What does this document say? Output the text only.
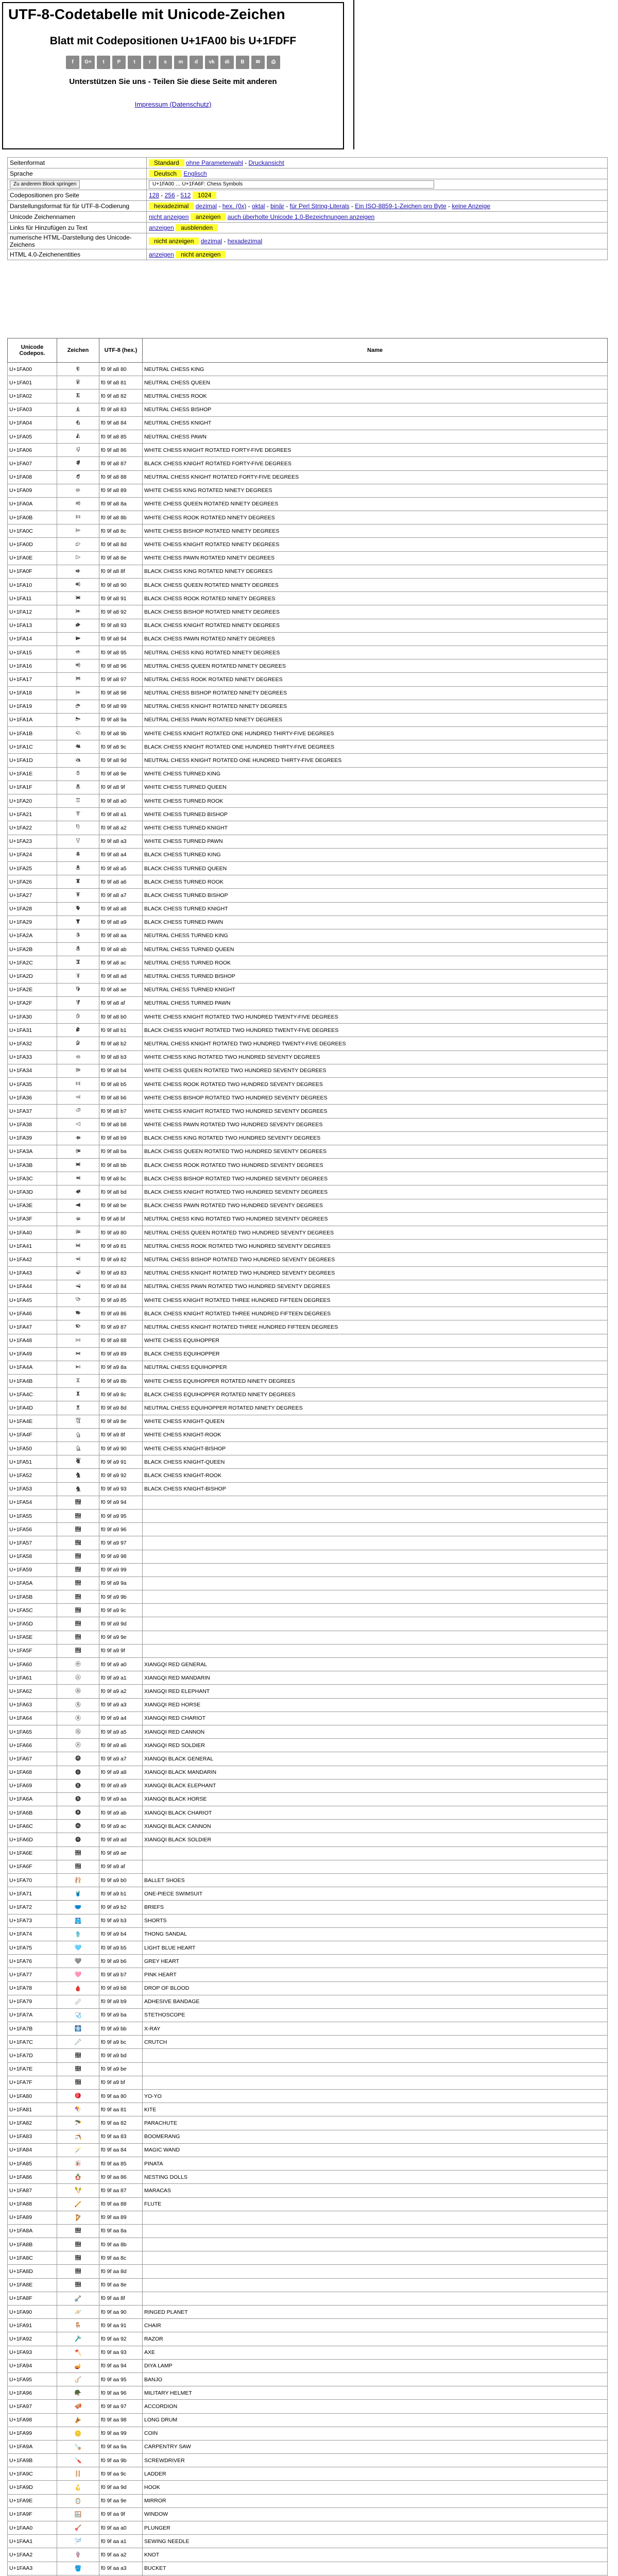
UTF-8-Codetabelle mit Unicode-Zeichen
Blatt mit Codepositionen U+1FA00 bis U+1FDFF
f	G+	t	P	t	r	s	m	d	vk	di	B	✉	⎙
Unterstützen Sie uns - Teilen Sie diese Seite mit anderen
Impressum (Datenschutz)
Seitenformat	Standard ohne Parameterwahl - Druckansicht
Sprache	Deutsch Englisch
Zu anderem Block springen	U+1FA00 … U+1FA6F: Chess Symbols
Codepositionen pro Seite	128 - 256 - 512 1024
Darstellungsformat für für UTF-8-Codierung	hexadezimal dezimal - hex. (0x) - oktal - binär - für Perl String-Literals - Ein ISO-8859-1-Zeichen pro Byte - keine Anzeige
Unicode Zeichennamen	nicht anzeigen anzeigen auch überholte Unicode 1.0-Bezeichnungen anzeigen
Links für Hinzufügen zu Text	anzeigen ausblenden
numerische HTML-Darstellung des Unicode-Zeichens	nicht anzeigen dezimal - hexadezimal
HTML 4.0-Zeichenentities	anzeigen nicht anzeigen
Unicode Codepos.	Zeichen	UTF-8 (hex.)	Name
U+1FA00	🨀	f0 9f a8 80	NEUTRAL CHESS KING
U+1FA01	🨁	f0 9f a8 81	NEUTRAL CHESS QUEEN
U+1FA02	🨂	f0 9f a8 82	NEUTRAL CHESS ROOK
U+1FA03	🨃	f0 9f a8 83	NEUTRAL CHESS BISHOP
U+1FA04	🨄	f0 9f a8 84	NEUTRAL CHESS KNIGHT
U+1FA05	🨅	f0 9f a8 85	NEUTRAL CHESS PAWN
U+1FA06	🨆	f0 9f a8 86	WHITE CHESS KNIGHT ROTATED FORTY-FIVE DEGREES
U+1FA07	🨇	f0 9f a8 87	BLACK CHESS KNIGHT ROTATED FORTY-FIVE DEGREES
U+1FA08	🨈	f0 9f a8 88	NEUTRAL CHESS KNIGHT ROTATED FORTY-FIVE DEGREES
U+1FA09	🨉	f0 9f a8 89	WHITE CHESS KING ROTATED NINETY DEGREES
U+1FA0A	🨊	f0 9f a8 8a	WHITE CHESS QUEEN ROTATED NINETY DEGREES
U+1FA0B	🨋	f0 9f a8 8b	WHITE CHESS ROOK ROTATED NINETY DEGREES
U+1FA0C	🨌	f0 9f a8 8c	WHITE CHESS BISHOP ROTATED NINETY DEGREES
U+1FA0D	🨍	f0 9f a8 8d	WHITE CHESS KNIGHT ROTATED NINETY DEGREES
U+1FA0E	🨎	f0 9f a8 8e	WHITE CHESS PAWN ROTATED NINETY DEGREES
U+1FA0F	🨏	f0 9f a8 8f	BLACK CHESS KING ROTATED NINETY DEGREES
U+1FA10	🨐	f0 9f a8 90	BLACK CHESS QUEEN ROTATED NINETY DEGREES
U+1FA11	🨑	f0 9f a8 91	BLACK CHESS ROOK ROTATED NINETY DEGREES
U+1FA12	🨒	f0 9f a8 92	BLACK CHESS BISHOP ROTATED NINETY DEGREES
U+1FA13	🨓	f0 9f a8 93	BLACK CHESS KNIGHT ROTATED NINETY DEGREES
U+1FA14	🨔	f0 9f a8 94	BLACK CHESS PAWN ROTATED NINETY DEGREES
U+1FA15	🨕	f0 9f a8 95	NEUTRAL CHESS KING ROTATED NINETY DEGREES
U+1FA16	🨖	f0 9f a8 96	NEUTRAL CHESS QUEEN ROTATED NINETY DEGREES
U+1FA17	🨗	f0 9f a8 97	NEUTRAL CHESS ROOK ROTATED NINETY DEGREES
U+1FA18	🨘	f0 9f a8 98	NEUTRAL CHESS BISHOP ROTATED NINETY DEGREES
U+1FA19	🨙	f0 9f a8 99	NEUTRAL CHESS KNIGHT ROTATED NINETY DEGREES
U+1FA1A	🨚	f0 9f a8 9a	NEUTRAL CHESS PAWN ROTATED NINETY DEGREES
U+1FA1B	🨛	f0 9f a8 9b	WHITE CHESS KNIGHT ROTATED ONE HUNDRED THIRTY-FIVE DEGREES
U+1FA1C	🨜	f0 9f a8 9c	BLACK CHESS KNIGHT ROTATED ONE HUNDRED THIRTY-FIVE DEGREES
U+1FA1D	🨝	f0 9f a8 9d	NEUTRAL CHESS KNIGHT ROTATED ONE HUNDRED THIRTY-FIVE DEGREES
U+1FA1E	🨞	f0 9f a8 9e	WHITE CHESS TURNED KING
U+1FA1F	🨟	f0 9f a8 9f	WHITE CHESS TURNED QUEEN
U+1FA20	🨠	f0 9f a8 a0	WHITE CHESS TURNED ROOK
U+1FA21	🨡	f0 9f a8 a1	WHITE CHESS TURNED BISHOP
U+1FA22	🨢	f0 9f a8 a2	WHITE CHESS TURNED KNIGHT
U+1FA23	🨣	f0 9f a8 a3	WHITE CHESS TURNED PAWN
U+1FA24	🨤	f0 9f a8 a4	BLACK CHESS TURNED KING
U+1FA25	🨥	f0 9f a8 a5	BLACK CHESS TURNED QUEEN
U+1FA26	🨦	f0 9f a8 a6	BLACK CHESS TURNED ROOK
U+1FA27	🨧	f0 9f a8 a7	BLACK CHESS TURNED BISHOP
U+1FA28	🨨	f0 9f a8 a8	BLACK CHESS TURNED KNIGHT
U+1FA29	🨩	f0 9f a8 a9	BLACK CHESS TURNED PAWN
U+1FA2A	🨪	f0 9f a8 aa	NEUTRAL CHESS TURNED KING
U+1FA2B	🨫	f0 9f a8 ab	NEUTRAL CHESS TURNED QUEEN
U+1FA2C	🨬	f0 9f a8 ac	NEUTRAL CHESS TURNED ROOK
U+1FA2D	🨭	f0 9f a8 ad	NEUTRAL CHESS TURNED BISHOP
U+1FA2E	🨮	f0 9f a8 ae	NEUTRAL CHESS TURNED KNIGHT
U+1FA2F	🨯	f0 9f a8 af	NEUTRAL CHESS TURNED PAWN
U+1FA30	🨰	f0 9f a8 b0	WHITE CHESS KNIGHT ROTATED TWO HUNDRED TWENTY-FIVE DEGREES
U+1FA31	🨱	f0 9f a8 b1	BLACK CHESS KNIGHT ROTATED TWO HUNDRED TWENTY-FIVE DEGREES
U+1FA32	🨲	f0 9f a8 b2	NEUTRAL CHESS KNIGHT ROTATED TWO HUNDRED TWENTY-FIVE DEGREES
U+1FA33	🨳	f0 9f a8 b3	WHITE CHESS KING ROTATED TWO HUNDRED SEVENTY DEGREES
U+1FA34	🨴	f0 9f a8 b4	WHITE CHESS QUEEN ROTATED TWO HUNDRED SEVENTY DEGREES
U+1FA35	🨵	f0 9f a8 b5	WHITE CHESS ROOK ROTATED TWO HUNDRED SEVENTY DEGREES
U+1FA36	🨶	f0 9f a8 b6	WHITE CHESS BISHOP ROTATED TWO HUNDRED SEVENTY DEGREES
U+1FA37	🨷	f0 9f a8 b7	WHITE CHESS KNIGHT ROTATED TWO HUNDRED SEVENTY DEGREES
U+1FA38	🨸	f0 9f a8 b8	WHITE CHESS PAWN ROTATED TWO HUNDRED SEVENTY DEGREES
U+1FA39	🨹	f0 9f a8 b9	BLACK CHESS KING ROTATED TWO HUNDRED SEVENTY DEGREES
U+1FA3A	🨺	f0 9f a8 ba	BLACK CHESS QUEEN ROTATED TWO HUNDRED SEVENTY DEGREES
U+1FA3B	🨻	f0 9f a8 bb	BLACK CHESS ROOK ROTATED TWO HUNDRED SEVENTY DEGREES
U+1FA3C	🨼	f0 9f a8 bc	BLACK CHESS BISHOP ROTATED TWO HUNDRED SEVENTY DEGREES
U+1FA3D	🨽	f0 9f a8 bd	BLACK CHESS KNIGHT ROTATED TWO HUNDRED SEVENTY DEGREES
U+1FA3E	🨾	f0 9f a8 be	BLACK CHESS PAWN ROTATED TWO HUNDRED SEVENTY DEGREES
U+1FA3F	🨿	f0 9f a8 bf	NEUTRAL CHESS KING ROTATED TWO HUNDRED SEVENTY DEGREES
U+1FA40	🩀	f0 9f a9 80	NEUTRAL CHESS QUEEN ROTATED TWO HUNDRED SEVENTY DEGREES
U+1FA41	🩁	f0 9f a9 81	NEUTRAL CHESS ROOK ROTATED TWO HUNDRED SEVENTY DEGREES
U+1FA42	🩂	f0 9f a9 82	NEUTRAL CHESS BISHOP ROTATED TWO HUNDRED SEVENTY DEGREES
U+1FA43	🩃	f0 9f a9 83	NEUTRAL CHESS KNIGHT ROTATED TWO HUNDRED SEVENTY DEGREES
U+1FA44	🩄	f0 9f a9 84	NEUTRAL CHESS PAWN ROTATED TWO HUNDRED SEVENTY DEGREES
U+1FA45	🩅	f0 9f a9 85	WHITE CHESS KNIGHT ROTATED THREE HUNDRED FIFTEEN DEGREES
U+1FA46	🩆	f0 9f a9 86	BLACK CHESS KNIGHT ROTATED THREE HUNDRED FIFTEEN DEGREES
U+1FA47	🩇	f0 9f a9 87	NEUTRAL CHESS KNIGHT ROTATED THREE HUNDRED FIFTEEN DEGREES
U+1FA48	🩈	f0 9f a9 88	WHITE CHESS EQUIHOPPER
U+1FA49	🩉	f0 9f a9 89	BLACK CHESS EQUIHOPPER
U+1FA4A	🩊	f0 9f a9 8a	NEUTRAL CHESS EQUIHOPPER
U+1FA4B	🩋	f0 9f a9 8b	WHITE CHESS EQUIHOPPER ROTATED NINETY DEGREES
U+1FA4C	🩌	f0 9f a9 8c	BLACK CHESS EQUIHOPPER ROTATED NINETY DEGREES
U+1FA4D	🩍	f0 9f a9 8d	NEUTRAL CHESS EQUIHOPPER ROTATED NINETY DEGREES
U+1FA4E	🩎	f0 9f a9 8e	WHITE CHESS KNIGHT-QUEEN
U+1FA4F	🩏	f0 9f a9 8f	WHITE CHESS KNIGHT-ROOK
U+1FA50	🩐	f0 9f a9 90	WHITE CHESS KNIGHT-BISHOP
U+1FA51	🩑	f0 9f a9 91	BLACK CHESS KNIGHT-QUEEN
U+1FA52	🩒	f0 9f a9 92	BLACK CHESS KNIGHT-ROOK
U+1FA53	🩓	f0 9f a9 93	BLACK CHESS KNIGHT-BISHOP
U+1FA54	🩔	f0 9f a9 94	
U+1FA55	🩕	f0 9f a9 95	
U+1FA56	🩖	f0 9f a9 96	
U+1FA57	🩗	f0 9f a9 97	
U+1FA58	🩘	f0 9f a9 98	
U+1FA59	🩙	f0 9f a9 99	
U+1FA5A	🩚	f0 9f a9 9a	
U+1FA5B	🩛	f0 9f a9 9b	
U+1FA5C	🩜	f0 9f a9 9c	
U+1FA5D	🩝	f0 9f a9 9d	
U+1FA5E	🩞	f0 9f a9 9e	
U+1FA5F	🩟	f0 9f a9 9f	
U+1FA60	🩠	f0 9f a9 a0	XIANGQI RED GENERAL
U+1FA61	🩡	f0 9f a9 a1	XIANGQI RED MANDARIN
U+1FA62	🩢	f0 9f a9 a2	XIANGQI RED ELEPHANT
U+1FA63	🩣	f0 9f a9 a3	XIANGQI RED HORSE
U+1FA64	🩤	f0 9f a9 a4	XIANGQI RED CHARIOT
U+1FA65	🩥	f0 9f a9 a5	XIANGQI RED CANNON
U+1FA66	🩦	f0 9f a9 a6	XIANGQI RED SOLDIER
U+1FA67	🩧	f0 9f a9 a7	XIANGQI BLACK GENERAL
U+1FA68	🩨	f0 9f a9 a8	XIANGQI BLACK MANDARIN
U+1FA69	🩩	f0 9f a9 a9	XIANGQI BLACK ELEPHANT
U+1FA6A	🩪	f0 9f a9 aa	XIANGQI BLACK HORSE
U+1FA6B	🩫	f0 9f a9 ab	XIANGQI BLACK CHARIOT
U+1FA6C	🩬	f0 9f a9 ac	XIANGQI BLACK CANNON
U+1FA6D	🩭	f0 9f a9 ad	XIANGQI BLACK SOLDIER
U+1FA6E	🩮	f0 9f a9 ae	
U+1FA6F	🩯	f0 9f a9 af	
U+1FA70	🩰	f0 9f a9 b0	BALLET SHOES
U+1FA71	🩱	f0 9f a9 b1	ONE-PIECE SWIMSUIT
U+1FA72	🩲	f0 9f a9 b2	BRIEFS
U+1FA73	🩳	f0 9f a9 b3	SHORTS
U+1FA74	🩴	f0 9f a9 b4	THONG SANDAL
U+1FA75	🩵	f0 9f a9 b5	LIGHT BLUE HEART
U+1FA76	🩶	f0 9f a9 b6	GREY HEART
U+1FA77	🩷	f0 9f a9 b7	PINK HEART
U+1FA78	🩸	f0 9f a9 b8	DROP OF BLOOD
U+1FA79	🩹	f0 9f a9 b9	ADHESIVE BANDAGE
U+1FA7A	🩺	f0 9f a9 ba	STETHOSCOPE
U+1FA7B	🩻	f0 9f a9 bb	X-RAY
U+1FA7C	🩼	f0 9f a9 bc	CRUTCH
U+1FA7D	🩽	f0 9f a9 bd	
U+1FA7E	🩾	f0 9f a9 be	
U+1FA7F	🩿	f0 9f a9 bf	
U+1FA80	🪀	f0 9f aa 80	YO-YO
U+1FA81	🪁	f0 9f aa 81	KITE
U+1FA82	🪂	f0 9f aa 82	PARACHUTE
U+1FA83	🪃	f0 9f aa 83	BOOMERANG
U+1FA84	🪄	f0 9f aa 84	MAGIC WAND
U+1FA85	🪅	f0 9f aa 85	PINATA
U+1FA86	🪆	f0 9f aa 86	NESTING DOLLS
U+1FA87	🪇	f0 9f aa 87	MARACAS
U+1FA88	🪈	f0 9f aa 88	FLUTE
U+1FA89	🪉	f0 9f aa 89	
U+1FA8A	🪊	f0 9f aa 8a	
U+1FA8B	🪋	f0 9f aa 8b	
U+1FA8C	🪌	f0 9f aa 8c	
U+1FA8D	🪍	f0 9f aa 8d	
U+1FA8E	🪎	f0 9f aa 8e	
U+1FA8F	🪏	f0 9f aa 8f	
U+1FA90	🪐	f0 9f aa 90	RINGED PLANET
U+1FA91	🪑	f0 9f aa 91	CHAIR
U+1FA92	🪒	f0 9f aa 92	RAZOR
U+1FA93	🪓	f0 9f aa 93	AXE
U+1FA94	🪔	f0 9f aa 94	DIYA LAMP
U+1FA95	🪕	f0 9f aa 95	BANJO
U+1FA96	🪖	f0 9f aa 96	MILITARY HELMET
U+1FA97	🪗	f0 9f aa 97	ACCORDION
U+1FA98	🪘	f0 9f aa 98	LONG DRUM
U+1FA99	🪙	f0 9f aa 99	COIN
U+1FA9A	🪚	f0 9f aa 9a	CARPENTRY SAW
U+1FA9B	🪛	f0 9f aa 9b	SCREWDRIVER
U+1FA9C	🪜	f0 9f aa 9c	LADDER
U+1FA9D	🪝	f0 9f aa 9d	HOOK
U+1FA9E	🪞	f0 9f aa 9e	MIRROR
U+1FA9F	🪟	f0 9f aa 9f	WINDOW
U+1FAA0	🪠	f0 9f aa a0	PLUNGER
U+1FAA1	🪡	f0 9f aa a1	SEWING NEEDLE
U+1FAA2	🪢	f0 9f aa a2	KNOT
U+1FAA3	🪣	f0 9f aa a3	BUCKET
